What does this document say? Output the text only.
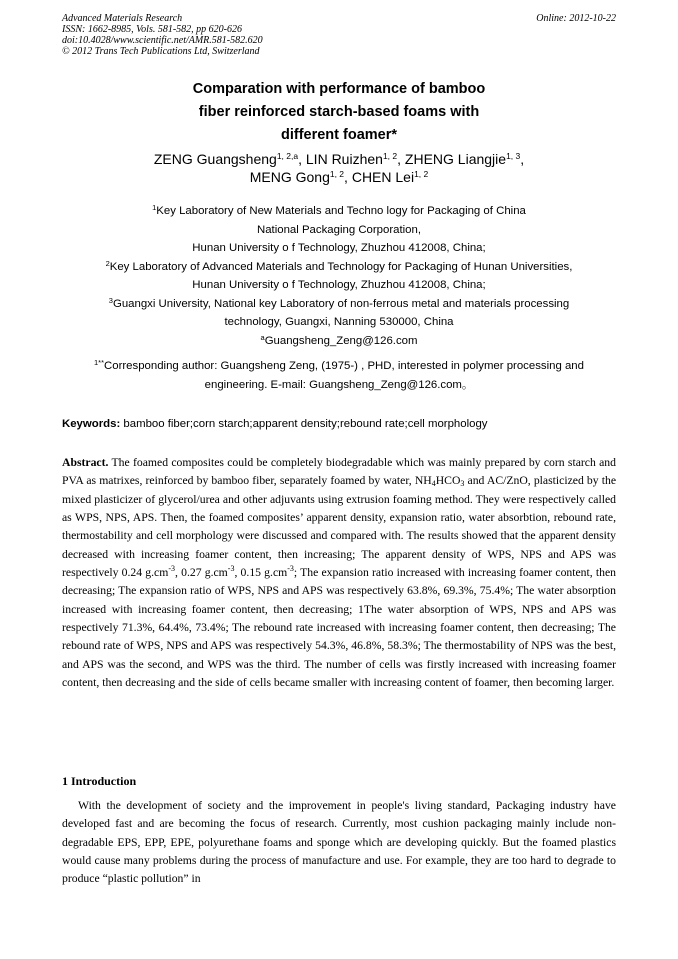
Advanced Materials Research
ISSN: 1662-8985, Vols. 581-582, pp 620-626
doi:10.4028/www.scientific.net/AMR.581-582.620
© 2012 Trans Tech Publications Ltd, Switzerland
Online: 2012-10-22
Comparation with performance of bamboo
fiber reinforced starch-based foams with
different foamer*
ZENG Guangsheng$^{1, 2,a}$, LIN Ruizhen$^{1, 2}$, ZHENG Liangjie$^{1, 3}$,
MENG Gong$^{1, 2}$, CHEN Lei$^{1, 2}$
$^1$Key Laboratory of New Materials and Techno logy for Packaging of China
National Packaging Corporation,
Hunan University o f Technology, Zhuzhou 412008, China;
$^2$Key Laboratory of Advanced Materials and Technology for Packaging of Hunan Universities,
Hunan University o f Technology, Zhuzhou 412008, China;
$^3$Guangxi University, National key Laboratory of non-ferrous metal and materials processing
technology, Guangxi, Nanning 530000, China
$^a$Guangsheng_Zeng@126.com
$^{1**}$Corresponding author: Guangsheng Zeng, (1975-) , PHD, interested in polymer processing and
engineering. E-mail: Guangsheng_Zeng@126.com。
Keywords: bamboo fiber;corn starch;apparent density;rebound rate;cell morphology
Abstract. The foamed composites could be completely biodegradable which was mainly prepared by corn starch and PVA as matrixes, reinforced by bamboo fiber, separately foamed by water, $NH_4HCO_3$ and AC/ZnO, plasticized by the mixed plasticizer of glycerol/urea and other adjuvants using extrusion foaming method. They were respectively called as WPS, NPS, APS. Then, the foamed composites’ apparent density, expansion ratio, water absorbtion, rebound rate, thermostability and cell morphology were discussed and compared with. The results showed that the apparent density decreased with increasing foamer content, then increasing; The apparent density of WPS, NPS and APS was respectively 0.24 $g.cm^{-3}$, 0.27 $g.cm^{-3}$, 0.15 $g.cm^{-3}$; The expansion ratio increased with increasing foamer content, then decreasing; The expansion ratio of WPS, NPS and APS was respectively 63.8%, 69.3%, 75.4%; The water absorption increased with increasing foamer content, then decreasing; 1The water absorption of WPS, NPS and APS was respectively 71.3%, 64.4%, 73.4%; The rebound rate increased with increasing foamer content, then decreasing; The rebound rate of WPS, NPS and APS was respectively 54.3%, 46.8%, 58.3%; The thermostability of NPS was the best, and APS was the second, and WPS was the third. The number of cells was firstly increased with increasing foamer content, then decreasing and the side of cells became smaller with increasing content of foamer, then becoming larger.
1 Introduction
With the development of society and the improvement in people's living standard, Packaging industry have developed fast and are becoming the focus of research. Currently, most cushion packaging mainly include non-degradable EPS, EPP, EPE, polyurethane foams and sponge which are developing quickly. But the foamed plastics would cause many problems during the process of manufacture and use. For example, they are too hard to degrade to produce “plastic pollution” in
